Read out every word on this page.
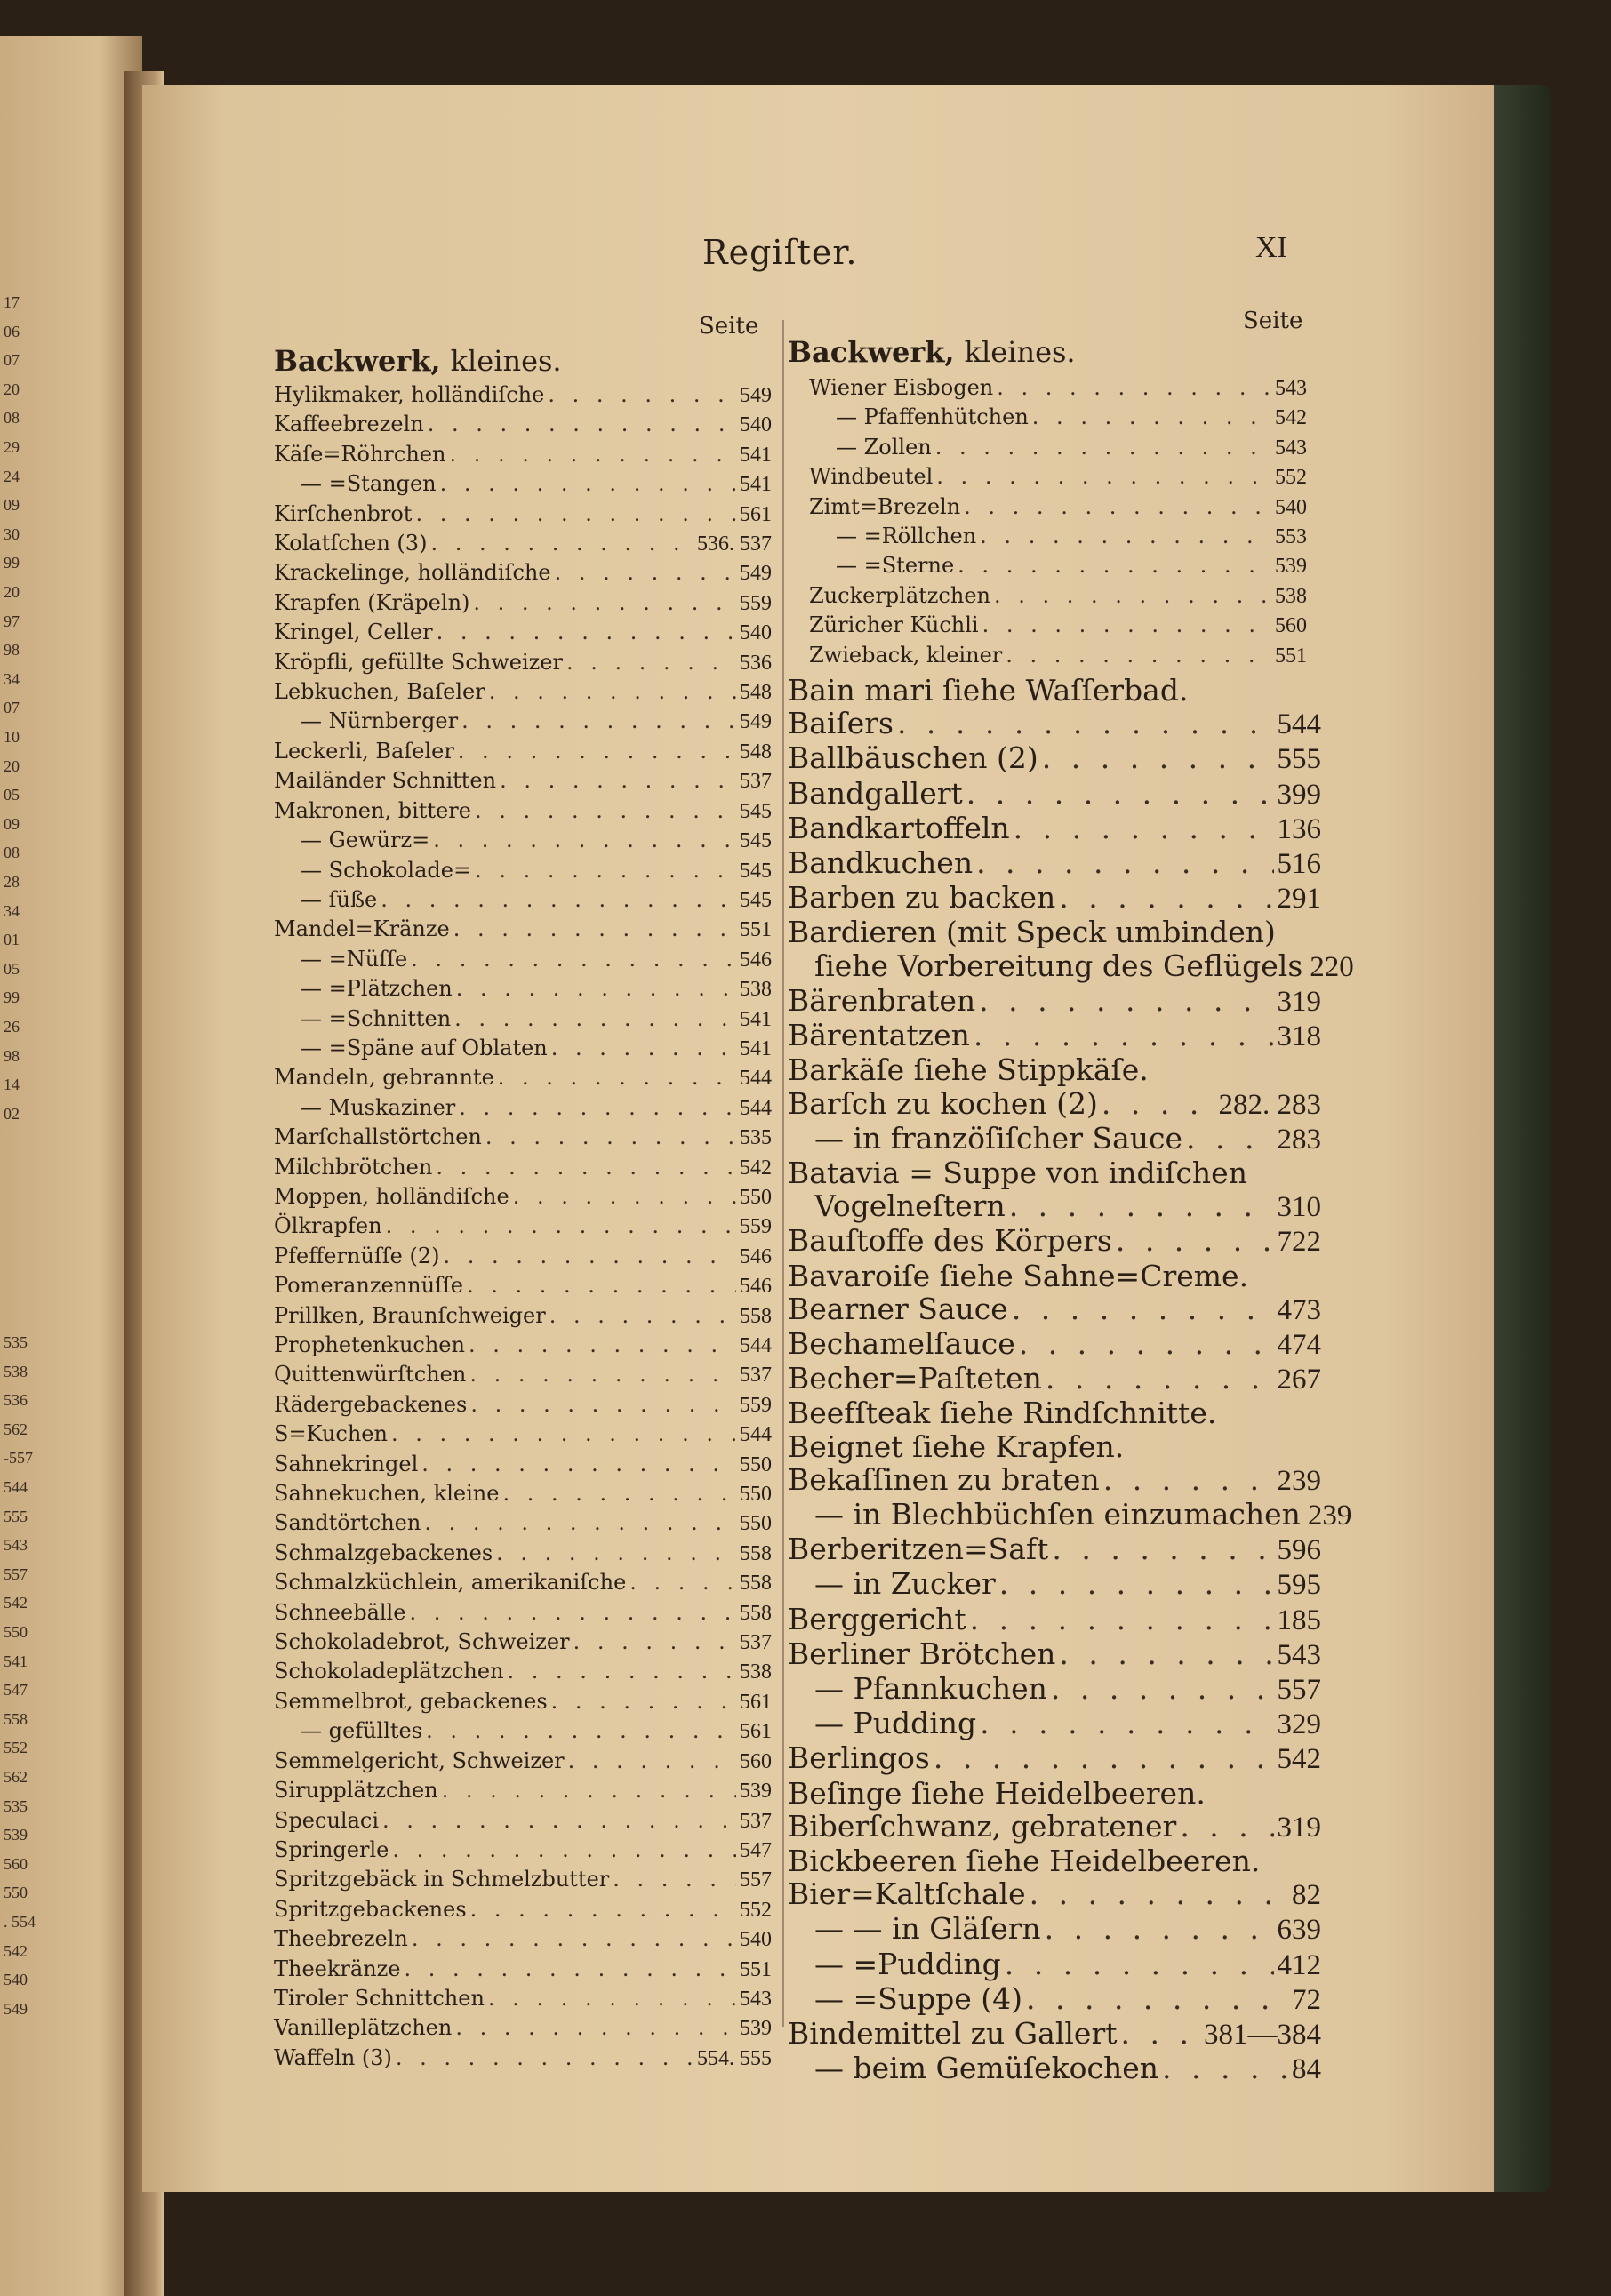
17
06
07
20
08
29
24
09
30
99
20
97
98
34
07
10
20
05
09
08
28
34
01
05
99
26
98
14
02
535
538
536
562
-557
544
555
543
557
542
550
541
547
558
552
562
535
539
560
550
. 554
542
540
549
Regiſter.	XI
Seite	Seite
Backwerk, kleines.
Hylikmaker, holländiſche . . .	549
Kaffeebrezeln . . .	540
Käſe=Röhrchen . . .	541
— =Stangen . . .	541
Kirſchenbrot . . .	561
Kolatſchen (3) . . .	536. 537
Krackelinge, holländiſche . . .	549
Krapfen (Kräpeln) . . .	559
Kringel, Celler . . .	540
Kröpfli, gefüllte Schweizer . . .	536
Lebkuchen, Baſeler . . .	548
— Nürnberger . . .	549
Leckerli, Baſeler . . .	548
Mailänder Schnitten . . .	537
Makronen, bittere . . .	545
— Gewürz= . . .	545
— Schokolade= . . .	545
— ſüße . . .	545
Mandel=Kränze . . .	551
— =Nüſſe . . .	546
— =Plätzchen . . .	538
— =Schnitten . . .	541
— =Späne auf Oblaten . . .	541
Mandeln, gebrannte . . .	544
— Muskaziner . . .	544
Marſchallstörtchen . . .	535
Milchbrötchen . . .	542
Moppen, holländiſche . . .	550
Ölkrapfen . . .	559
Pfeffernüſſe (2) . . .	546
Pomeranzennüſſe . . .	546
Prillken, Braunſchweiger . . .	558
Prophetenkuchen . . .	544
Quittenwürſtchen . . .	537
Rädergebackenes . . .	559
S=Kuchen . . .	544
Sahnekringel . . .	550
Sahnekuchen, kleine . . .	550
Sandtörtchen . . .	550
Schmalzgebackenes . . .	558
Schmalzküchlein, amerikaniſche . . .	558
Schneebälle . . .	558
Schokoladebrot, Schweizer . . .	537
Schokoladeplätzchen . . .	538
Semmelbrot, gebackenes . . .	561
— gefülltes . . .	561
Semmelgericht, Schweizer . . .	560
Sirupplätzchen . . .	539
Speculaci . . .	537
Springerle . . .	547
Spritzgebäck in Schmelzbutter . . .	557
Spritzgebackenes . . .	552
Theebrezeln . . .	540
Theekränze . . .	551
Tiroler Schnittchen . . .	543
Vanilleplätzchen . . .	539
Waffeln (3) . . .	554. 555
Backwerk, kleines.
Wiener Eisbogen . . .	543
— Pfaffenhütchen . . .	542
— Zollen . . .	543
Windbeutel . . .	552
Zimt=Brezeln . . .	540
— =Röllchen . . .	553
— =Sterne . . .	539
Zuckerplätzchen . . .	538
Züricher Küchli . . .	560
Zwieback, kleiner . . .	551
Bain mari ſiehe Waſſerbad.
Baiſers . . .	544
Ballbäuschen (2) . . .	555
Bandgallert . . .	399
Bandkartoffeln . . .	136
Bandkuchen . . .	516
Barben zu backen . . .	291
Bardieren (mit Speck umbinden)
ſiehe Vorbereitung des Geflügels 220
Bärenbraten . . .	319
Bärentatzen . . .	318
Barkäſe ſiehe Stippkäſe.
Barſch zu kochen (2) . . .	282. 283
— in franzöſiſcher Sauce . . .	283
Batavia = Suppe von indiſchen
Vogelneſtern . . .	310
Bauſtoffe des Körpers . . .	722
Bavaroiſe ſiehe Sahne=Creme.
Bearner Sauce . . .	473
Bechamelſauce . . .	474
Becher=Paſteten . . .	267
Beefſteak ſiehe Rindſchnitte.
Beignet ſiehe Krapfen.
Bekaſſinen zu braten . . .	239
— in Blechbüchſen einzumachen 239
Berberitzen=Saft . . .	596
— in Zucker . . .	595
Berggericht . . .	185
Berliner Brötchen . . .	543
— Pfannkuchen . . .	557
— Pudding . . .	329
Berlingos . . .	542
Beſinge ſiehe Heidelbeeren.
Biberſchwanz, gebratener . . .	319
Bickbeeren ſiehe Heidelbeeren.
Bier=Kaltſchale . . .	82
— — in Gläſern . . .	639
— =Pudding . . .	412
— =Suppe (4) . . .	72
Bindemittel zu Gallert . . .	381—384
— beim Gemüſekochen . . .	84
